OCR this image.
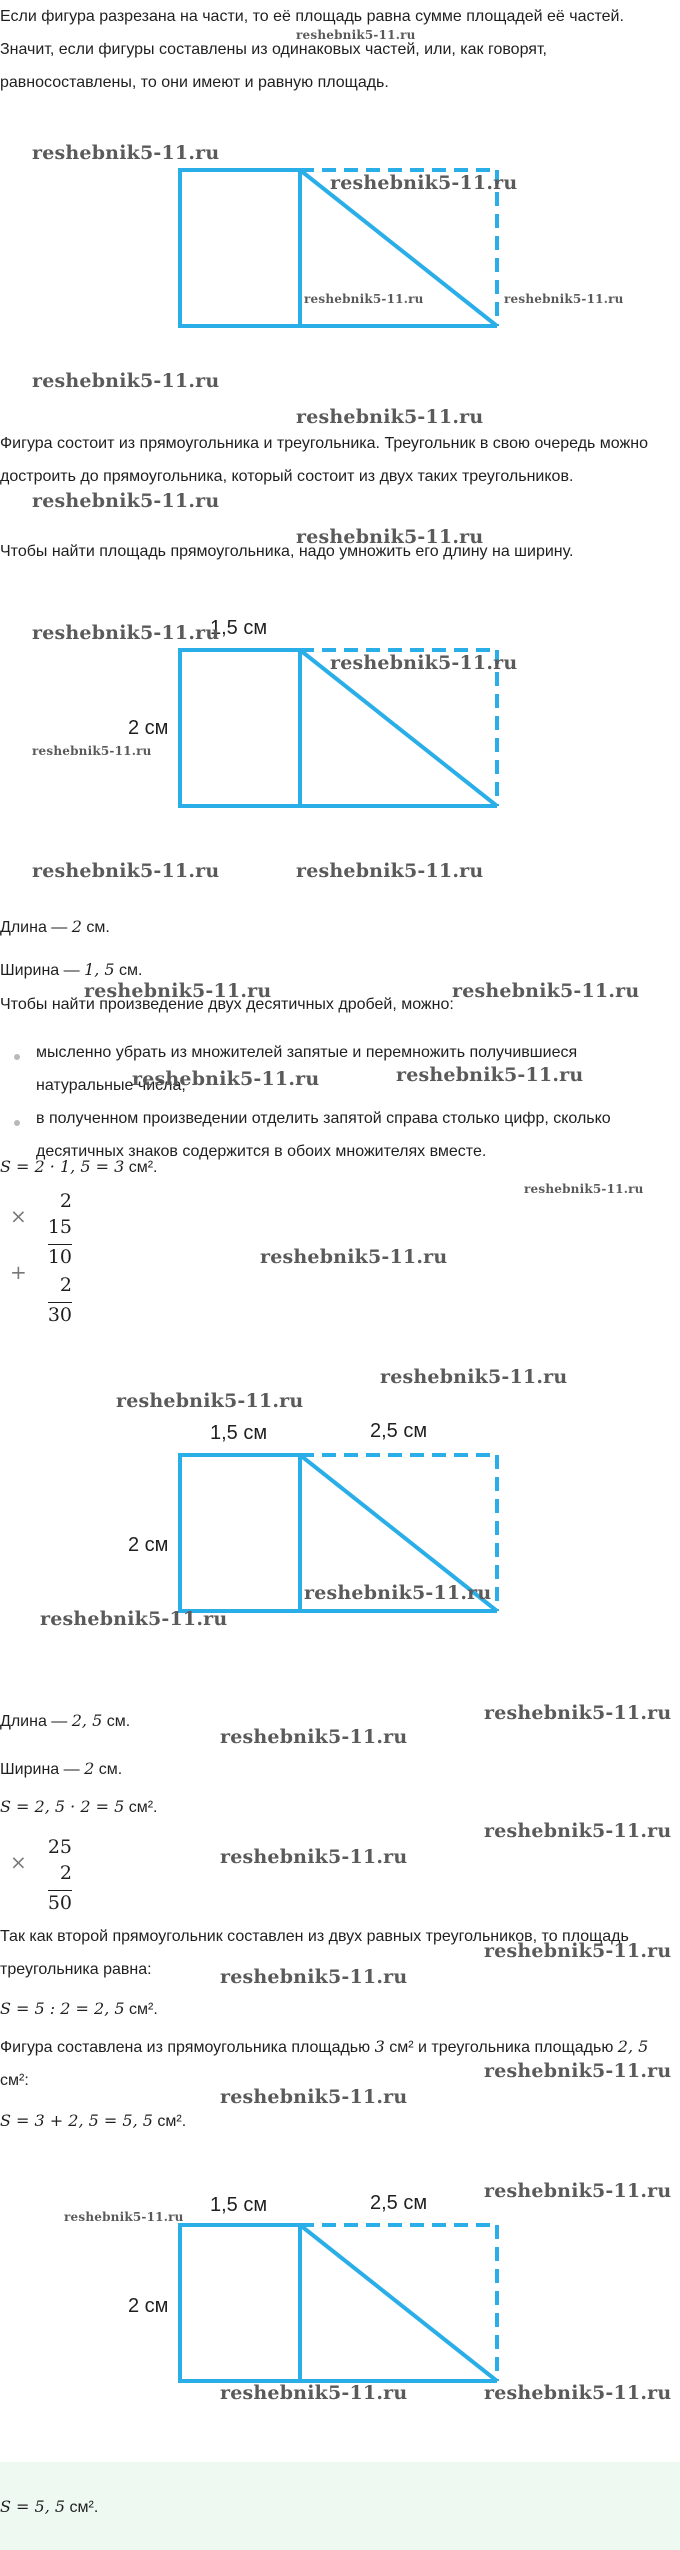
Если фигура разрезана на части, то её площадь равна сумме площадей её частей. Значит, если фигуры составлены из одинаковых частей, или, как говорят, равносоставлены, то они имеют и равную площадь.

Фигура состоит из прямоугольника и треугольника. Треугольник в свою очередь можно достроить до прямоугольника, который состоит из двух таких треугольников.

Чтобы найти площадь прямоугольника, надо умножить его длину на ширину.

1,5 см
2 см

Длина — 2 см.

Ширина — 1, 5 см.

Чтобы найти произведение двух десятичных дробей, можно:

мысленно убрать из множителей запятые и перемножить получившиеся натуральные числа;
в полученном произведении отделить запятой справа столько цифр, сколько десятичных знаков содержится в обоих множителях вместе.

S = 2 · 1, 5 = 3 см².

×
2
15
+
10
2
30
1,5 см	2,5 см
2 см

Длина — 2, 5 см.

Ширина — 2 см.

S = 2, 5 · 2 = 5 см².

×
25
2
50

Так как второй прямоугольник составлен из двух равных треугольников, то площадь треугольника равна:

S = 5 : 2 = 2, 5 см².

Фигура составлена из прямоугольника площадью 3 см² и треугольника площадью 2, 5 см²:

S = 3 + 2, 5 = 5, 5 см².

1,5 см	2,5 см
2 см

S = 5, 5 см².

reshebnik5-11.ru
reshebnik5-11.ru
reshebnik5-11.ru
reshebnik5-11.ru	reshebnik5-11.ru
reshebnik5-11.ru
reshebnik5-11.ru
reshebnik5-11.ru
reshebnik5-11.ru
reshebnik5-11.ru
reshebnik5-11.ru
reshebnik5-11.ru
reshebnik5-11.ru	reshebnik5-11.ru
reshebnik5-11.ru	reshebnik5-11.ru
reshebnik5-11.ru	reshebnik5-11.ru
reshebnik5-11.ru
reshebnik5-11.ru
reshebnik5-11.ru
reshebnik5-11.ru
reshebnik5-11.ru
reshebnik5-11.ru
reshebnik5-11.ru
reshebnik5-11.ru
reshebnik5-11.ru
reshebnik5-11.ru
reshebnik5-11.ru
reshebnik5-11.ru
reshebnik5-11.ru
reshebnik5-11.ru
reshebnik5-11.ru
reshebnik5-11.ru
reshebnik5-11.ru	reshebnik5-11.ru
